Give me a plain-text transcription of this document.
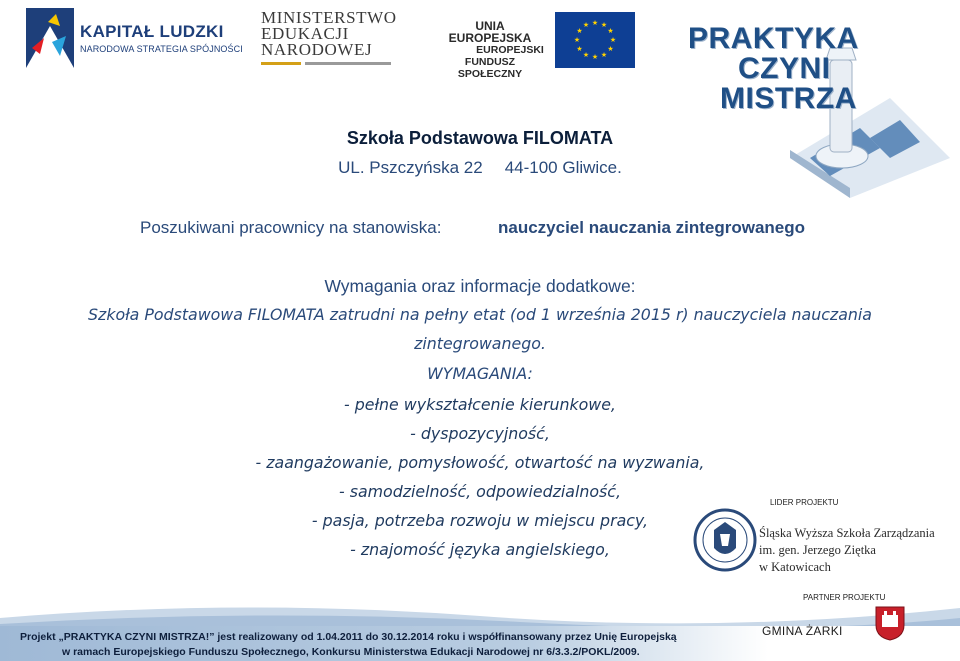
KAPITAŁ LUDZKI
NARODOWA STRATEGIA SPÓJNOŚCI
MINISTERSTWO
EDUKACJI
NARODOWEJ
UNIA EUROPEJSKA
EUROPEJSKI
FUNDUSZ SPOŁECZNY
★ ★
★
★
★
★
★
★
★
★
★
★	PRAKTYKA
CZYNI
MISTRZA
Szkoła Podstawowa FILOMATA
UL. Pszczyńska 22 44-100 Gliwice.
Poszukiwani pracownicy na stanowiska:	nauczyciel nauczania zintegrowanego
Wymagania oraz informacje dodatkowe:
Szkoła Podstawowa FILOMATA zatrudni na pełny etat (od 1 września 2015 r) nauczyciela nauczania
zintegrowanego.
WYMAGANIA:
- pełne wykształcenie kierunkowe,
- dyspozycyjność,
- zaangażowanie, pomysłowość, otwartość na wyzwania,
- samodzielność, odpowiedzialność,
- pasja, potrzeba rozwoju w miejscu pracy,
- znajomość języka angielskiego,
LIDER PROJEKTU
Śląska Wyższa Szkoła Zarządzania
im. gen. Jerzego Ziętka
w Katowicach
PARTNER PROJEKTU
Projekt „PRAKTYKA CZYNI MISTRZA!” jest realizowany od 1.04.2011 do 30.12.2014 roku i współfinansowany przez Unię Europejską
w ramach Europejskiego Funduszu Społecznego, Konkursu Ministerstwa Edukacji Narodowej nr 6/3.3.2/POKL/2009.
GMINA ŻARKI
